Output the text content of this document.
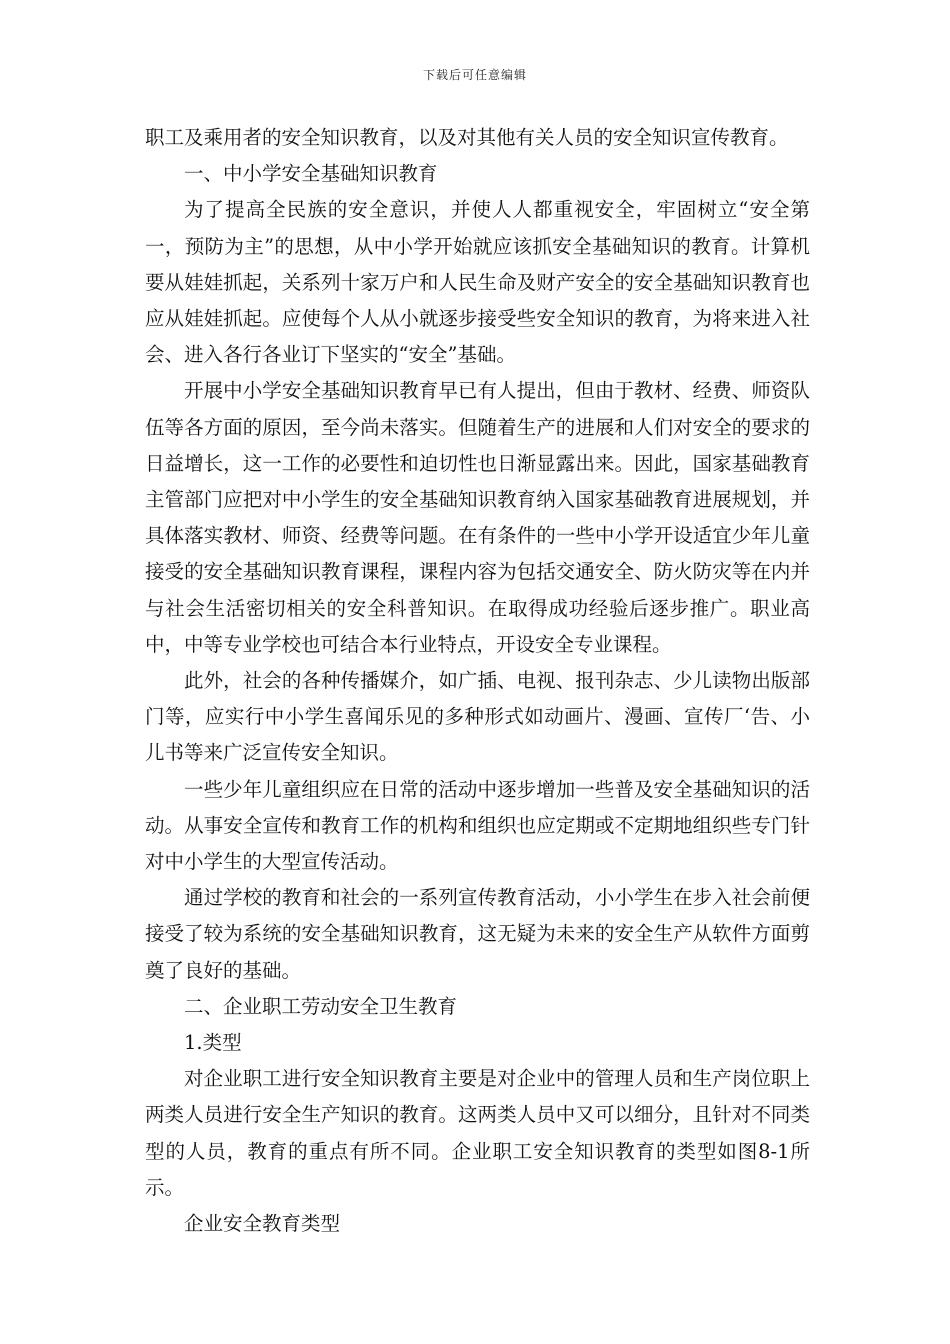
下载后可任意编辑

职工及乘用者的安全知识教育，以及对其他有关人员的安全知识宣传教育。

一、中小学安全基础知识教育

为了提高全民族的安全意识，并使人人都重视安全，牢固树立“安全第一，预防为主”的思想，从中小学开始就应该抓安全基础知识的教育。计算机要从娃娃抓起，关系列十家万户和人民生命及财产安全的安全基础知识教育也应从娃娃抓起。应使每个人从小就逐步接受些安全知识的教育，为将来进入社会、进入各行各业订下坚实的“安全”基础。

开展中小学安全基础知识教育早已有人提出，但由于教材、经费、师资队伍等各方面的原因，至今尚未落实。但随着生产的进展和人们对安全的要求的日益增长，这一工作的必要性和迫切性也日渐显露出来。因此，国家基础教育主管部门应把对中小学生的安全基础知识教育纳入国家基础教育进展规划，并具体落实教材、师资、经费等问题。在有条件的一些中小学开设适宜少年儿童接受的安全基础知识教育课程，课程内容为包括交通安全、防火防灾等在内并与社会生活密切相关的安全科普知识。在取得成功经验后逐步推广。职业高中，中等专业学校也可结合本行业特点，开设安全专业课程。

此外，社会的各种传播媒介，如广插、电视、报刊杂志、少儿读物出版部门等，应实行中小学生喜闻乐见的多种形式如动画片、漫画、宣传厂‘告、小儿书等来广泛宣传安全知识。

一些少年儿童组织应在日常的活动中逐步增加一些普及安全基础知识的活动。从事安全宣传和教育工作的机构和组织也应定期或不定期地组织些专门针对中小学生的大型宣传活动。

通过学校的教育和社会的一系列宣传教育活动，小小学生在步入社会前便接受了较为系统的安全基础知识教育，这无疑为未来的安全生产从软件方面剪奠了良好的基础。

二、企业职工劳动安全卫生教育

1.类型

对企业职工进行安全知识教育主要是对企业中的管理人员和生产岗位职上两类人员进行安全生产知识的教育。这两类人员中又可以细分，且针对不同类型的人员，教育的重点有所不同。企业职工安全知识教育的类型如图8-1所示。

企业安全教育类型
